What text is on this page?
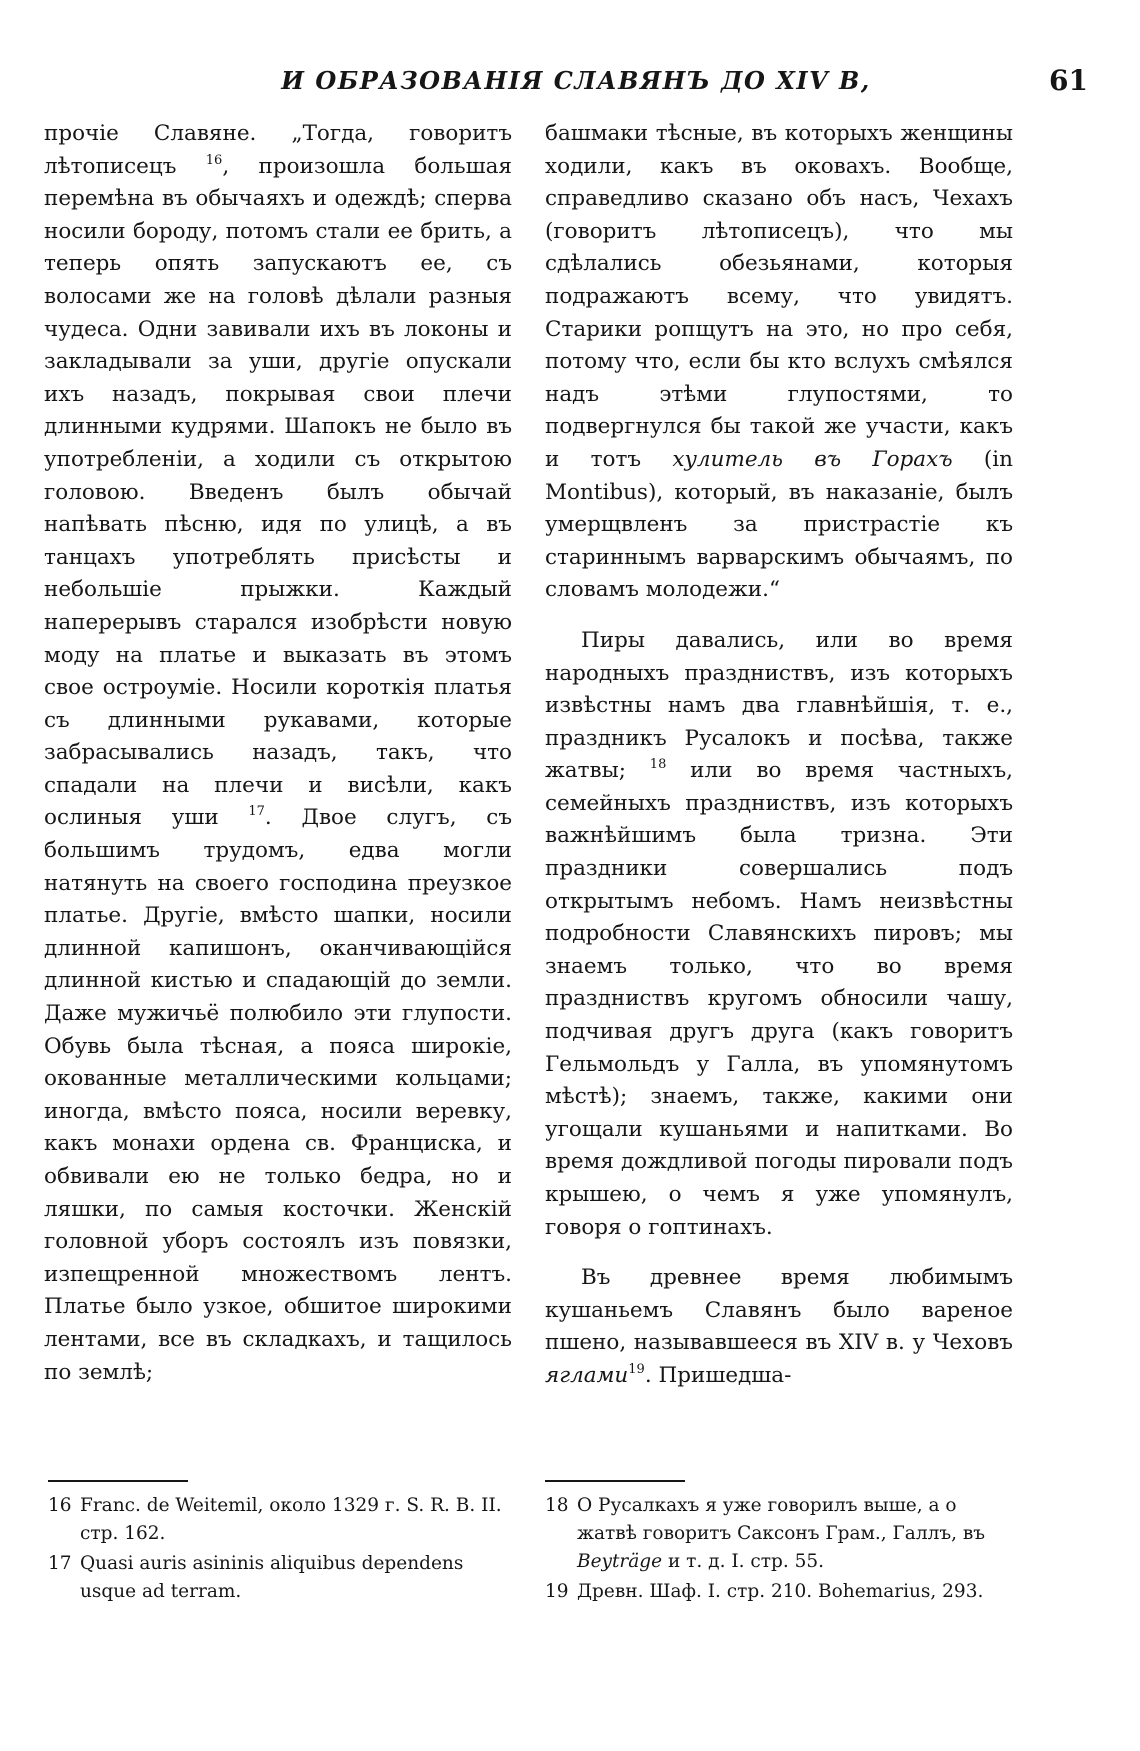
И ОБРАЗОВАНІЯ СЛАВЯНЪ ДО XIV В,	61

прочіе Славяне. „Тогда, говоритъ лѣтописецъ $^{16}$, произошла большая перемѣна въ обычаяхъ и одеждѣ; сперва носили бороду, потомъ стали ее брить, а теперь опять запускаютъ ее, съ волосами же на головѣ дѣлали разныя чудеса. Одни завивали ихъ въ локоны и закладывали за уши, другіе опускали ихъ назадъ, покрывая свои плечи длинными кудрями. Шапокъ не было въ употребленіи, а ходили съ открытою головою. Введенъ былъ обычай напѣвать пѣсню, идя по улицѣ, а въ танцахъ употреблять присѣсты и небольшіе прыжки. Каждый наперерывъ старался изобрѣсти новую моду на платье и выказать въ этомъ свое остроуміе. Носили короткія платья съ длинными рукавами, которые забрасывались назадъ, такъ, что спадали на плечи и висѣли, какъ ослиныя уши $^{17}$. Двое слугъ, съ большимъ трудомъ, едва могли натянуть на своего господина преузкое платье. Другіе, вмѣсто шапки, носили длинной капишонъ, оканчивающійся длинной кистью и спадающій до земли. Даже мужичьё полюбило эти глупости. Обувь была тѣсная, а пояса широкіе, окованные металлическими кольцами; иногда, вмѣсто пояса, носили веревку, какъ монахи ордена св. Франциска, и обвивали ею не только бедра, но и ляшки, по самыя косточки. Женскій головной уборъ состоялъ изъ повязки, изпещренной множествомъ лентъ. Платье было узкое, обшитое широкими лентами, все въ складкахъ, и тащилось по землѣ;

башмаки тѣсные, въ которыхъ женщины ходили, какъ въ оковахъ. Вообще, справедливо сказано объ насъ, Чехахъ (говоритъ лѣтописецъ), что мы сдѣлались обезьянами, которыя подражаютъ всему, что увидятъ. Старики ропщутъ на это, но про себя, потому что, если бы кто вслухъ смѣялся надъ этѣми глупостями, то подвергнулся бы такой же участи, какъ и тотъ хулитель въ Горахъ (in Montibus), который, въ наказаніе, былъ умерщвленъ за пристрастіе къ стариннымъ варварскимъ обычаямъ, по словамъ молодежи.“

Пиры давались, или во время народныхъ праздниствъ, изъ которыхъ извѣстны намъ два главнѣйшія, т. е., праздникъ Русалокъ и посѣва, также жатвы; $^{18}$ или во время частныхъ, семейныхъ праздниствъ, изъ которыхъ важнѣйшимъ была тризна. Эти праздники совершались подъ открытымъ небомъ. Намъ неизвѣстны подробности Славянскихъ пировъ; мы знаемъ только, что во время праздниствъ кругомъ обносили чашу, подчивая другъ друга (какъ говоритъ Гельмольдъ у Галла, въ упомянутомъ мѣстѣ); знаемъ, также, какими они угощали кушаньями и напитками. Во время дождливой погоды пировали подъ крышею, о чемъ я уже упомянулъ, говоря о гоптинахъ.

Въ древнее время любимымъ кушаньемъ Славянъ было вареное пшено, называвшееся въ XIV в. у Чеховъ яглами$^{19}$. Пришедша-

16 Franc. de Weitemil, около 1329 г. S. R. B. II. стр. 162.
17 Quasi auris asininis aliquibus dependens usque ad terram.
18 О Русалкахъ я уже говорилъ выше, а о жатвѣ говоритъ Саксонъ Грам., Галлъ, въ Beyträge и т. д. I. стр. 55.
19 Древн. Шаф. I. стр. 210. Bohemarius, 293.
